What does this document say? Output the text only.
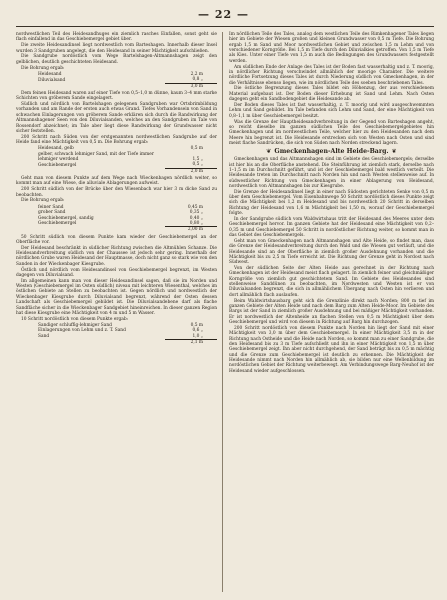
— 22 —

nordwestlichen Teil des Heidesandhuges ein ziemlich rasches Einfallen, sonst geht sie flach einfallend in das Geschiebemergel gebiet über.

Die zweite Heidesandinsel liegt nordwestlich vom Barteshagen. Innerhalb dieser Insel wurden 3 Sandgruben angelegt, die den Heidesand in seiner Mächtigkeit aufschließen.

Die Sandgrube nordöstlich vom Wege Bartelshagen-Altmannshagen zeigt den gelblichen, deutlich geschichteten Heidesand.

Die Bohrung ergab:

Heidesand	2,2 m
Diluvialsand	0,8 „
	3,0 m

Dem feinen Heidesand waren auf einer Tiefe von 0,5–1,0 m dünne, kaum 3–4 mm starke Schichten von gröberem Sande eingelagert.

Südlich und nördlich von Bartelshagen gelegenen Sandgruben war Ortsbrimbildung vorhanden und am Rande der ersten auch etwas Grand. Tiefes Vorhandensein von Sand in schwachen Einlagerungen von gröberem Sande erklären sich durch die Randwirkung der Altmannshagener Seen von den Diluvialsanden, welches an den Sandgruben im Tale von Rossendorf abzeichnet; im Tale aber liegt diese Randwirkung der Grundwasser nicht sicher feststellen.

200 Schritt nach Süden von der erstgenannten nordwestlichen Sandgrube auf der Heide fand eine Mächtigkeit von 0,5 m. Die Bohrung ergab:

Heidesand, gelb	0,5 m
gelber, schwach lehmiger Sand, mit der Tiefe immer lehmiger werdend	1,5 „
Geschiebemergel	0,5 „
	2,0 m

Geht man von diesem Punkte auf dem Wege nach Wieckenbagen nördlich weiter, so kommt man auf eine Wiese, die alluviale Ablagerungen aufweist.

200 Schritt südlich von der Brücke über den Wiesenbach war hier 3 m dicke Sand zu beobachten.

Die Bohrung ergab:

feiner Sand	0,45 m
grober Sand	0,35 „
Geschiebemergel, sandig	0,40 „
Geschiebemergel	0,80 „
	2,00 m

50 Schritt südlich von diesem Punkte kam wieder der Geschiebemergel an der Oberfläche vor.

Der Heidesand beschränkt in südlicher Richtung zwischen die Altmühlen Schanze. Die Heidesandverbreitung südlich von der Chaussee ist jedoch sehr gering. Innerhalb der nördlichen Grube waren Heidesand der Hauptmasse, doch nicht ganz so stark wie von den Sanden in der Wieckenbager Kiesgrube.

Östlich und nördlich vom Heidesandinsel von Geschiebemergel begrenzt, im Westen dagegen von Diluvialsand.

Im allgemeinen kann man von dieser Heidesandinsel sagen, daß sie im Norden und Westen (Geschiebemergel im Osten südlich) niveau mit leichteren Wiesenthal, welches im östlichen Gebiete an Stellen zu beobachten ist. Gegen nördlich und nordwestlich der Wieckenbager Kiesgrube durch Diluvialsand begrenzt, während der Osten dessen Landschaft als Geschiebemergel gebildet ist. Die Diluvialsandebene darf als flache Sandfläche sicher in die Wieckenbager Sandgebiet hineinreichen. In dieser ganzen Region hat diese Kiesgrube eine Mächtigkeit von 4 m und 5 m Wasser.

10 Schritt nordöstlich von diesem Punkte ergab:

Sandiger schluffig-lehmiger Sand	0,5 m
Einlagerungen von Lehm und z. T. Sand	0,6 „
Sand	1,0 „
	2,1 m

Im nördlichen Teile des Tales, analog dem westlichen Teile des Rimkenhagener Tales liegen hier im Gebiete der Wiesen großen und kleinen Grundwasser von 0,5 m Tiefe. Die Bohrung ergab 1,5 m Sand und Moor nordwestlichen Gebiet und zwischen 1,5 m Lehm und von verschiedener Korngröße. Bei 1,5 m Tiefe durch den Diluvialkies getroffen. Von 1,5 m Tiefe als Kies. Unter einer Tiefe von 1,5 m auch die Bedingungen des Grundwassers festgestellt werden.

Am südlichen Ende der Anlage des Tales ist der Boden fast wasserhaltig und z. T. moorig, in nördlicher Richtung verschwindet allmählich der moorige Charakter. Die weitere nördliche Fortsetzung dieses Tales ist durch Niederung südlich von Gmeckenhagen, in der die Verhältnisse ebenso liegen, wie im nördlichen Teile des soeben beschriebenen Tales.

Die östliche Begrenzung dieses Tales bildet ein Höhenzug, der aus verschiedenem Material aufgebaut ist. Der Boden dieser Erhebung ist Sand und Lehm. Nach Osten dagegen geht ein Sandbodengebiet die Heidesande ab.

Der Boden dieses Tales ist fast wasserhaltig, z. T. moorig und wird ausgeschwemmten Lehm und Sand gebildet. Im Tale befanden sich Lehm und Sand, der eine Mächtigkeit von 0,8–1,1 m über Geschiebemergel besitzt.

Was die Grenze der Hauptheidesandverbreitung in der Gegend von Barteshagen angeht, so reicht dieselbe im ganzen südlichen Teile des Geschiebemergelgebietes hin Gmeckenhagen und im nordwestlichen Teile, welcher hier zu den Heidesanden nach dem Meere hin begrenzt ist. Die Heidesande erstrecken sich von Westen nach Osten und sind meist flache Sandrücken, die sich von Süden nach Norden streckend lagern.

❦ Gmeckenhagen-Alte Heide-Barg. ❦

Gmeckenhagen und das Altmannshagen sind im Gebiete des Geschiebemergels; derselbe ist hier bis an die Oberfläche anstehend. Die Steinführung ist ziemlich stark, derselbe nach 1–1,5 m im Durchschnitt geführt, und ist der Geschiebemergel bald westlich verteilt. Die Heidesande treten im Durchschnitt nach Norden hin und nach Westen stellenweise auf. In südwestlicher Richtung von Gmeckenhagen in einer Ablagerung von Heidesand, nordwestlich von Altmannshagen bis zur Kiesgrube.

Die Grenze der Heidesandinsel liegt in einer nach Südosten gerichteten Senke von 0,5 m über dem Geschiebemergel. Vom Eisenbahnwege 50 Schritt nordöstlich dieses Punkte zeigt sich die Mächtigkeit bei 1,2 m Heidesand und bis nordwestlich 20 Schritt in derselben Richtung der Heidesand von 1,6 m Mächtigkeit bei 1,50 m, worauf der Geschiebemergel folgte.

In der Sandgrube südlich vom Waldwirtshaus tritt der Heidesand des Meeres unter dem Geschiebemergel hervor. Im ganzen Gebiete hat der Heidesand eine Mächtigkeit von 0,2–0,35 m und Geschiebemergel 50 Schritt in nordöstlicher Richtung weiter, so kommt man in das Gebiet des Geschiebemergels.

Geht man von Gmeckenhagen nach Altmannshagen und Alte Heide, so findet man, dass die Grenze der Heidesandverbreitung durch den Wald und die Wiesen gut verläuft, und die Heidesande sind an der Oberfläche in ziemlich großer Ausdehnung vorhanden und die Mächtigkeit bis zu 2,5 m Tiefe erreicht ist. Die Richtung der Grenze geht in Nordost nach Südwest.

Von der südlichen Seite der Alten Heide aus gerechnet in der Richtung nach Gmeckenhagen ist der Heidesand meist flach gelagert. In ziemlich feiner und gleichmäßiger Korngröße von ziemlich gut geschichtetem Sand. Im Gebiete des Heidesandes sind stellenweise Sanddünen zu beobachten, im Nordwesten und Westen ist er von Diluvialsanden begrenzt, die sich in allmählichem Übergang nach Osten hin verlieren und dort allmählich flach auslaufen.

Beim Waldwirtshausbarg geht sich die Grenzlinie direkt nach Norden; 800 m tief im ganzen Gebiete der Alten Heide und nach dem Barg zum Alten Heide-Moor. Im Gebiete des Bargs ist der Sand in ziemlich großer Ausdehnung und bei mäßiger Mächtigkeit vorhanden. Er ist nordwestlich der Altenheide an flachen Stellen von 0,5 m Mächtigkeit über dem Geschiebemergel und wird von diesem in Richtung auf Barg hin durchzogen.

200 Schritt nordöstlich von diesem Punkte nach Norden hin liegt der Sand mit einer Mächtigkeit von 3,0 m über dem Geschiebemergel. In einer Mächtigkeit 3,5 m in der Richtung nach Ostheide und die Heide nach Norden, so kommt man zu einer Sandgrube, die den Heidesand bis zu 3 m Tiefe aufschließt und ihn in einer Mächtigkeit von 1,5 m über Geschiebemergel zeigt. Ihn aber nicht durchgehend, der Sand beträgt bis zu 0,5 m mächtig und die Grenze zum Geschiebemergel ist deutlich zu erkennen. Die Mächtigkeit der Heidesande nimmt nach Norden hin allmählich ab, sie bilden nur eine Wellenbildung im nordöstlichen Gebiet der Richtung weiterbewegt. Am Verbindungswege Barg-Neuhof ist der Heidesand wieder aufgeschlossen.
